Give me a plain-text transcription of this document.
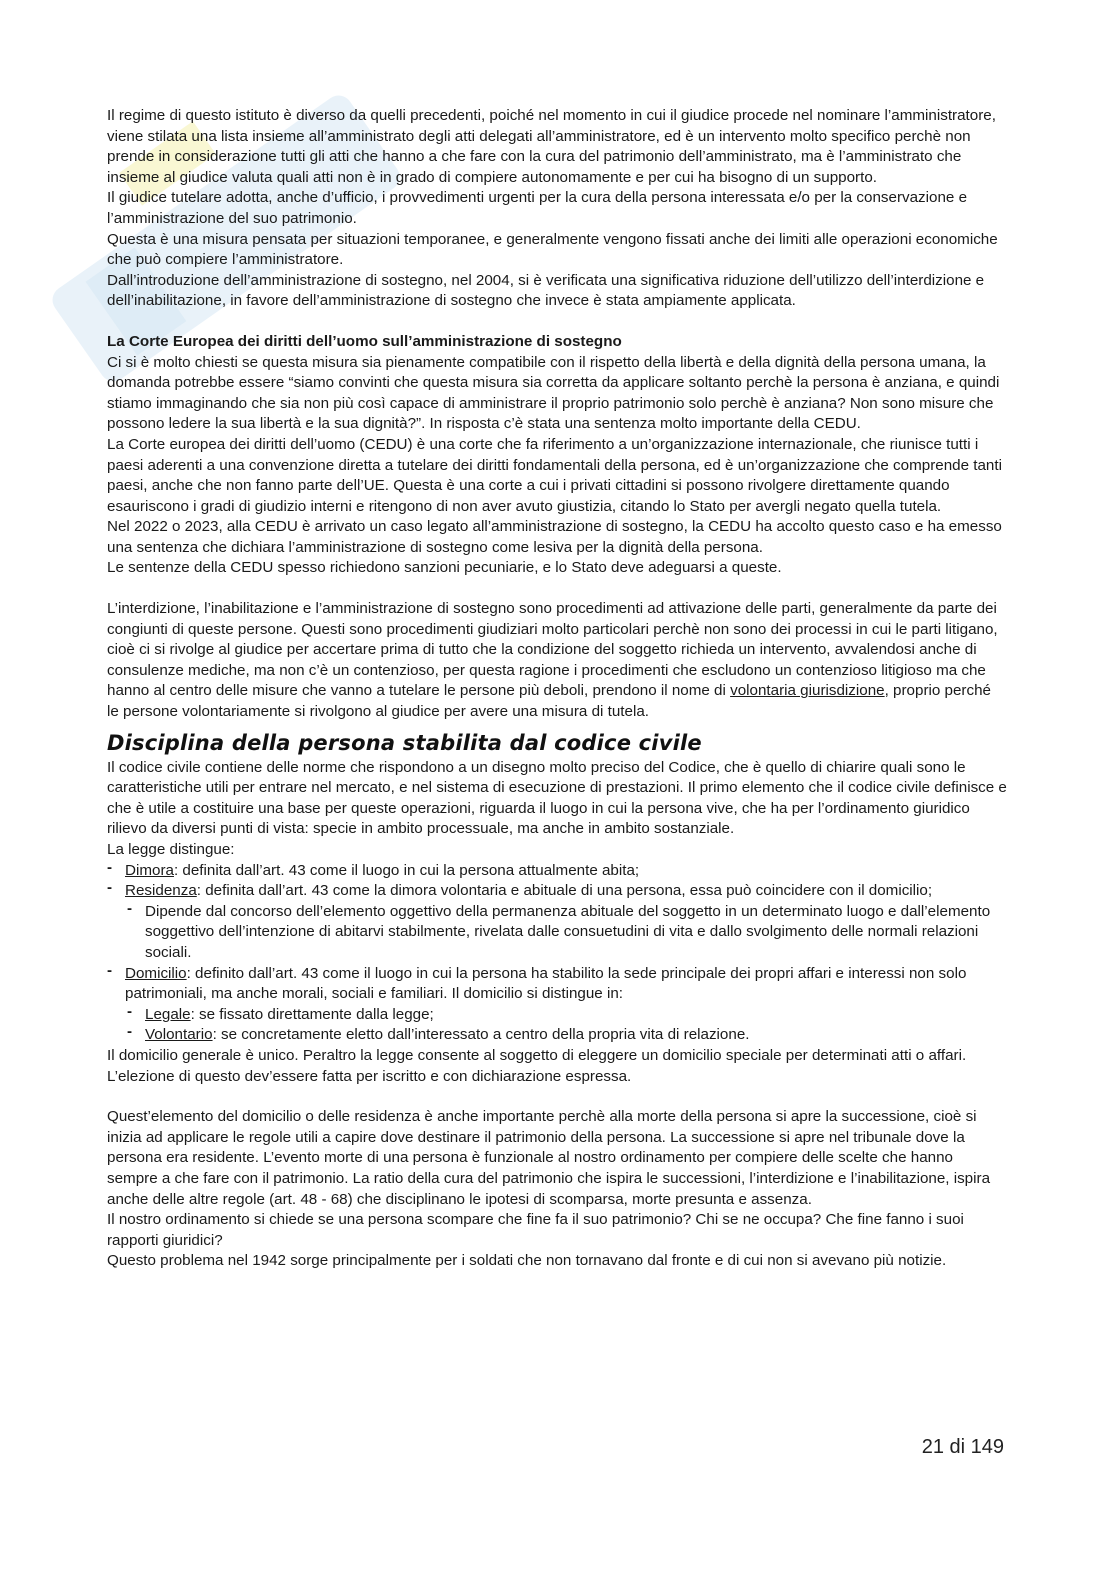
Il regime di questo istituto è diverso da quelli precedenti, poiché nel momento in cui il giudice procede nel nominare l’amministratore, viene stilata una lista insieme all’amministrato degli atti delegati all’amministratore, ed è un intervento molto specifico perchè non prende in considerazione tutti gli atti che hanno a che fare con la cura del patrimonio dell’amministrato, ma è l’amministrato che insieme al giudice valuta quali atti non è in grado di compiere autonomamente e per cui ha bisogno di un supporto.

Il giudice tutelare adotta, anche d’ufficio, i provvedimenti urgenti per la cura della persona interessata e/o per la conservazione e l’amministrazione del suo patrimonio.

Questa è una misura pensata per situazioni temporanee, e generalmente vengono fissati anche dei limiti alle operazioni economiche che può compiere l’amministratore.

Dall’introduzione dell’amministrazione di sostegno, nel 2004, si è verificata una significativa riduzione dell’utilizzo dell’interdizione e dell’inabilitazione, in favore dell’amministrazione di sostegno che invece è stata ampiamente applicata.

La Corte Europea dei diritti dell’uomo sull’amministrazione di sostegno

Ci si è molto chiesti se questa misura sia pienamente compatibile con il rispetto della libertà e della dignità della persona umana, la domanda potrebbe essere “siamo convinti che questa misura sia corretta da applicare soltanto perchè la persona è anziana, e quindi stiamo immaginando che sia non più così capace di amministrare il proprio patrimonio solo perchè è anziana? Non sono misure che possono ledere la sua libertà e la sua dignità?”. In risposta c’è stata una sentenza molto importante della CEDU.

La Corte europea dei diritti dell’uomo (CEDU) è una corte che fa riferimento a un’organizzazione internazionale, che riunisce tutti i paesi aderenti a una convenzione diretta a tutelare dei diritti fondamentali della persona, ed è un’organizzazione che comprende tanti paesi, anche che non fanno parte dell’UE. Questa è una corte a cui i privati cittadini si possono rivolgere direttamente quando esauriscono i gradi di giudizio interni e ritengono di non aver avuto giustizia, citando lo Stato per avergli negato quella tutela.

Nel 2022 o 2023, alla CEDU è arrivato un caso legato all’amministrazione di sostegno, la CEDU ha accolto questo caso e ha emesso una sentenza che dichiara l’amministrazione di sostegno come lesiva per la dignità della persona.

Le sentenze della CEDU spesso richiedono sanzioni pecuniarie, e lo Stato deve adeguarsi a queste.

L’interdizione, l’inabilitazione e l’amministrazione di sostegno sono procedimenti ad attivazione delle parti, generalmente da parte dei congiunti di queste persone. Questi sono procedimenti giudiziari molto particolari perchè non sono dei processi in cui le parti litigano, cioè ci si rivolge al giudice per accertare prima di tutto che la condizione del soggetto richieda un intervento, avvalendosi anche di consulenze mediche, ma non c’è un contenzioso, per questa ragione i procedimenti che escludono un contenzioso litigioso ma che hanno al centro delle misure che vanno a tutelare le persone più deboli, prendono il nome di volontaria giurisdizione, proprio perché le persone volontariamente si rivolgono al giudice per avere una misura di tutela.

Disciplina della persona stabilita dal codice civile

Il codice civile contiene delle norme che rispondono a un disegno molto preciso del Codice, che è quello di chiarire quali sono le caratteristiche utili per entrare nel mercato, e nel sistema di esecuzione di prestazioni. Il primo elemento che il codice civile definisce e che è utile a costituire una base per queste operazioni, riguarda il luogo in cui la persona vive, che ha per l’ordinamento giuridico rilievo da diversi punti di vista: specie in ambito processuale, ma anche in ambito sostanziale.

La legge distingue:

- Dimora: definita dall’art. 43 come il luogo in cui la persona attualmente abita;
- Residenza: definita dall’art. 43 come la dimora volontaria e abituale di una persona, essa può coincidere con il domicilio;
- Dipende dal concorso dell’elemento oggettivo della permanenza abituale del soggetto in un determinato luogo e dall’elemento soggettivo dell’intenzione di abitarvi stabilmente, rivelata dalle consuetudini di vita e dallo svolgimento delle normali relazioni sociali.
- Domicilio: definito dall’art. 43 come il luogo in cui la persona ha stabilito la sede principale dei propri affari e interessi non solo patrimoniali, ma anche morali, sociali e familiari. Il domicilio si distingue in:
- Legale: se fissato direttamente dalla legge;
- Volontario: se concretamente eletto dall’interessato a centro della propria vita di relazione.

Il domicilio generale è unico. Peraltro la legge consente al soggetto di eleggere un domicilio speciale per determinati atti o affari. L’elezione di questo dev’essere fatta per iscritto e con dichiarazione espressa.

Quest’elemento del domicilio o delle residenza è anche importante perchè alla morte della persona si apre la successione, cioè si inizia ad applicare le regole utili a capire dove destinare il patrimonio della persona. La successione si apre nel tribunale dove la persona era residente. L’evento morte di una persona è funzionale al nostro ordinamento per compiere delle scelte che hanno sempre a che fare con il patrimonio. La ratio della cura del patrimonio che ispira le successioni, l’interdizione e l’inabilitazione, ispira anche delle altre regole (art. 48 - 68) che disciplinano le ipotesi di scomparsa, morte presunta e assenza.

Il nostro ordinamento si chiede se una persona scompare che fine fa il suo patrimonio? Chi se ne occupa? Che fine fanno i suoi rapporti giuridici?

Questo problema nel 1942 sorge principalmente per i soldati che non tornavano dal fronte e di cui non si avevano più notizie.

21 di 149
